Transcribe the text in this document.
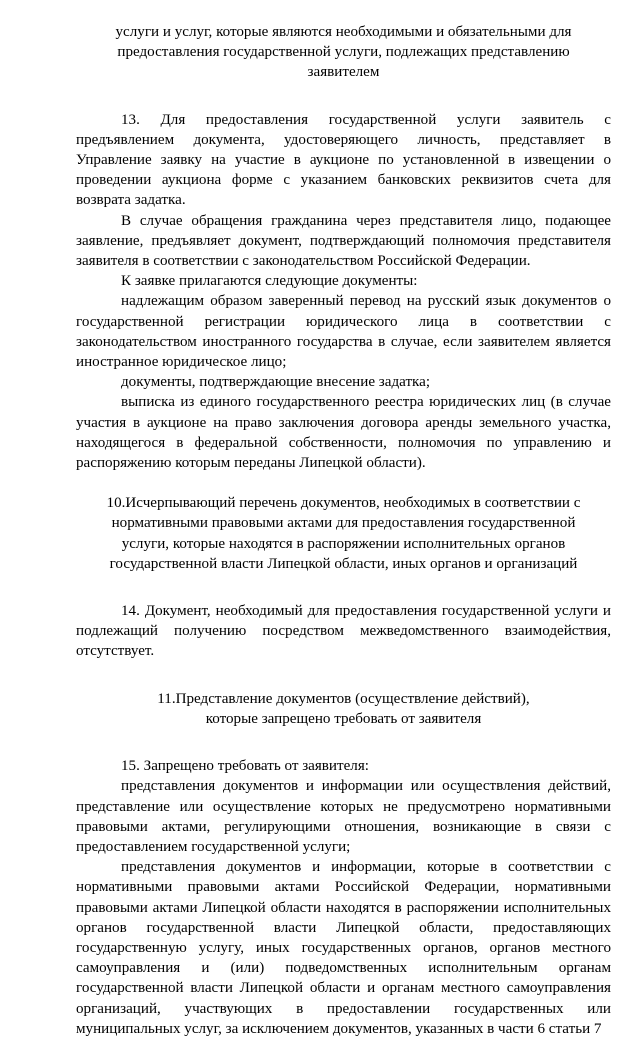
услуги и услуг, которые являются необходимыми и обязательными для
предоставления государственной услуги, подлежащих представлению
заявителем

13. Для предоставления государственной услуги заявитель с предъявлением документа, удостоверяющего личность, представляет в Управление заявку на участие в аукционе по установленной в извещении о проведении аукциона форме с указанием банковских реквизитов счета для возврата задатка.

В случае обращения гражданина через представителя лицо, подающее заявление, предъявляет документ, подтверждающий полномочия представителя заявителя в соответствии с законодательством Российской Федерации.

К заявке прилагаются следующие документы:

надлежащим образом заверенный перевод на русский язык документов о государственной регистрации юридического лица в соответствии с законодательством иностранного государства в случае, если заявителем является иностранное юридическое лицо;

документы, подтверждающие внесение задатка;

выписка из единого государственного реестра юридических лиц (в случае участия в аукционе на право заключения договора аренды земельного участка, находящегося в федеральной собственности, полномочия по управлению и распоряжению которым переданы Липецкой области).

10.Исчерпывающий перечень документов, необходимых в соответствии с
нормативными правовыми актами для предоставления государственной
услуги, которые находятся в распоряжении исполнительных органов
государственной власти Липецкой области, иных органов и организаций

14. Документ, необходимый для предоставления государственной услуги и подлежащий получению посредством межведомственного взаимодействия, отсутствует.

11.Представление документов (осуществление действий),
которые запрещено требовать от заявителя

15. Запрещено требовать от заявителя:

представления документов и информации или осуществления действий, представление или осуществление которых не предусмотрено нормативными правовыми актами, регулирующими отношения, возникающие в связи с предоставлением государственной услуги;

представления документов и информации, которые в соответствии с нормативными правовыми актами Российской Федерации, нормативными правовыми актами Липецкой области находятся в распоряжении исполнительных органов государственной власти Липецкой области, предоставляющих государственную услугу, иных государственных органов, органов местного самоуправления и (или) подведомственных исполнительным органам государственной власти Липецкой области и органам местного самоуправления организаций, участвующих в предоставлении государственных или муниципальных услуг, за исключением документов, указанных в части 6 статьи 7
